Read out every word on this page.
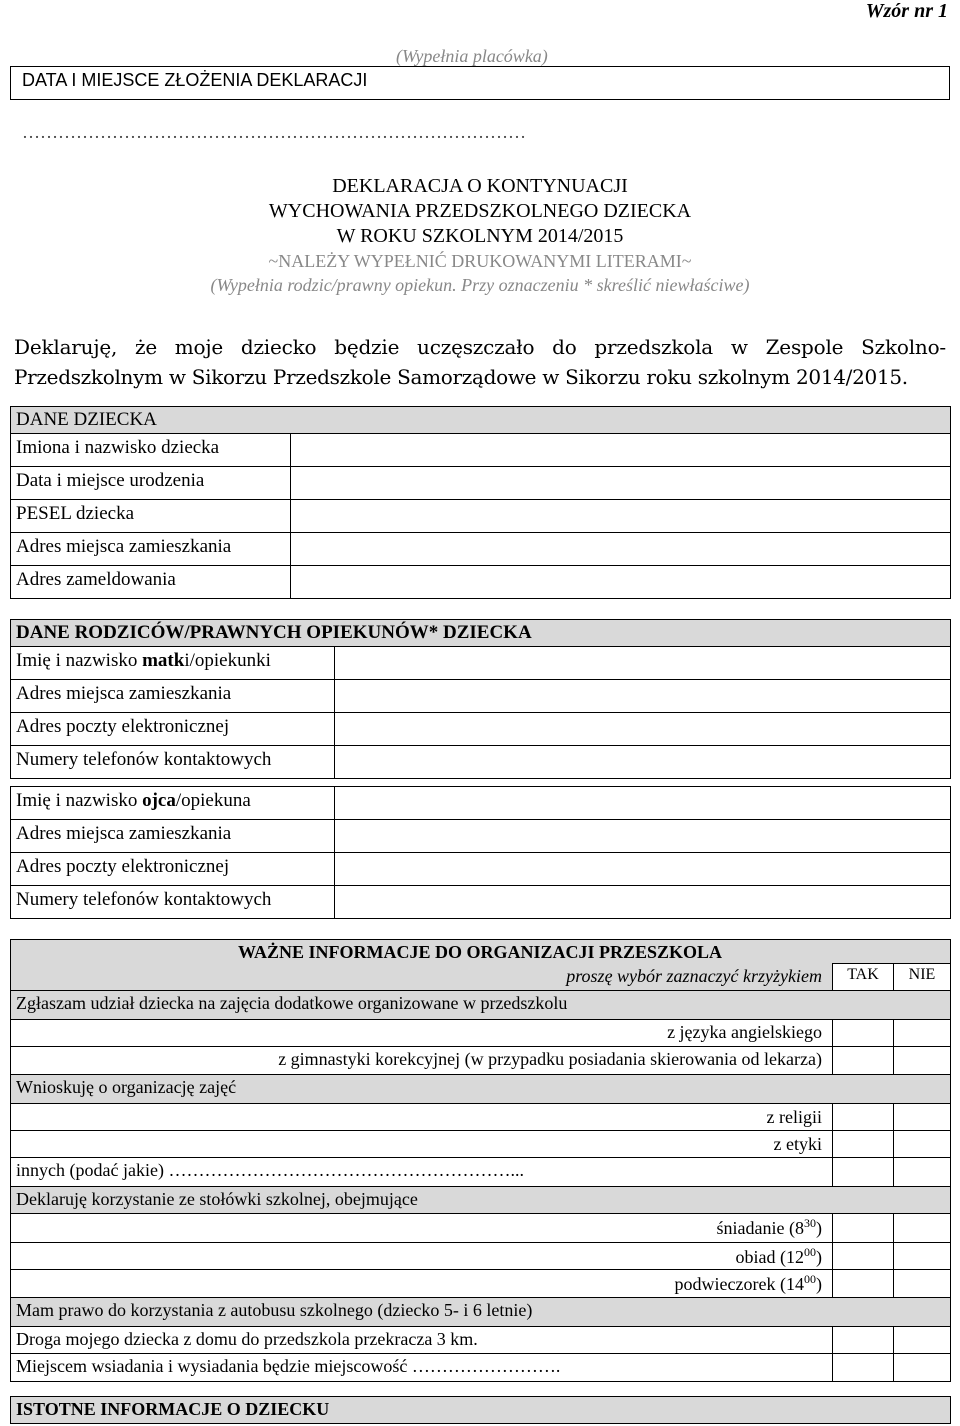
Wzór nr 1
(Wypełnia placówka)
DATA I MIEJSCE ZŁOŻENIA DEKLARACJI
…………………………………………………………………………
DEKLARACJA O KONTYNUACJI
WYCHOWANIA PRZEDSZKOLNEGO DZIECKA
W ROKU SZKOLNYM 2014/2015
~NALEŻY WYPEŁNIĆ DRUKOWANYMI LITERAMI~
(Wypełnia rodzic/prawny opiekun. Przy oznaczeniu * skreślić niewłaściwe)
Deklaruję, że moje dziecko będzie uczęszczało do przedszkola w Zespole Szkolno-
Przedszkolnym w Sikorzu Przedszkole Samorządowe w Sikorzu roku szkolnym 2014/2015.
DANE DZIECKA
Imiona i nazwisko dziecka
Data i miejsce urodzenia
PESEL dziecka
Adres miejsca zamieszkania
Adres zameldowania
DANE RODZICÓW/PRAWNYCH OPIEKUNÓW* DZIECKA
Imię i nazwisko matki/opiekunki
Adres miejsca zamieszkania
Adres poczty elektronicznej
Numery telefonów kontaktowych
Imię i nazwisko ojca/opiekuna
Adres miejsca zamieszkania
Adres poczty elektronicznej
Numery telefonów kontaktowych
WAŻNE INFORMACJE DO ORGANIZACJI PRZESZKOLA
proszę wybór zaznaczyć krzyżykiem	TAK	NIE
Zgłaszam udział dziecka na zajęcia dodatkowe organizowane w przedszkolu
z języka angielskiego
z gimnastyki korekcyjnej (w przypadku posiadania skierowania od lekarza)
Wnioskuję o organizację zajęć
z religii
z etyki
innych (podać jakie) …………………………………………………...
Deklaruję korzystanie ze stołówki szkolnej, obejmujące
śniadanie $(8^{30})$
obiad $(12^{00})$
podwieczorek $(14^{00})$
Mam prawo do korzystania z autobusu szkolnego (dziecko 5- i 6 letnie)
Droga mojego dziecka z domu do przedszkola przekracza 3 km.
Miejscem wsiadania i wysiadania będzie miejscowość …………………….
ISTOTNE INFORMACJE O DZIECKU
